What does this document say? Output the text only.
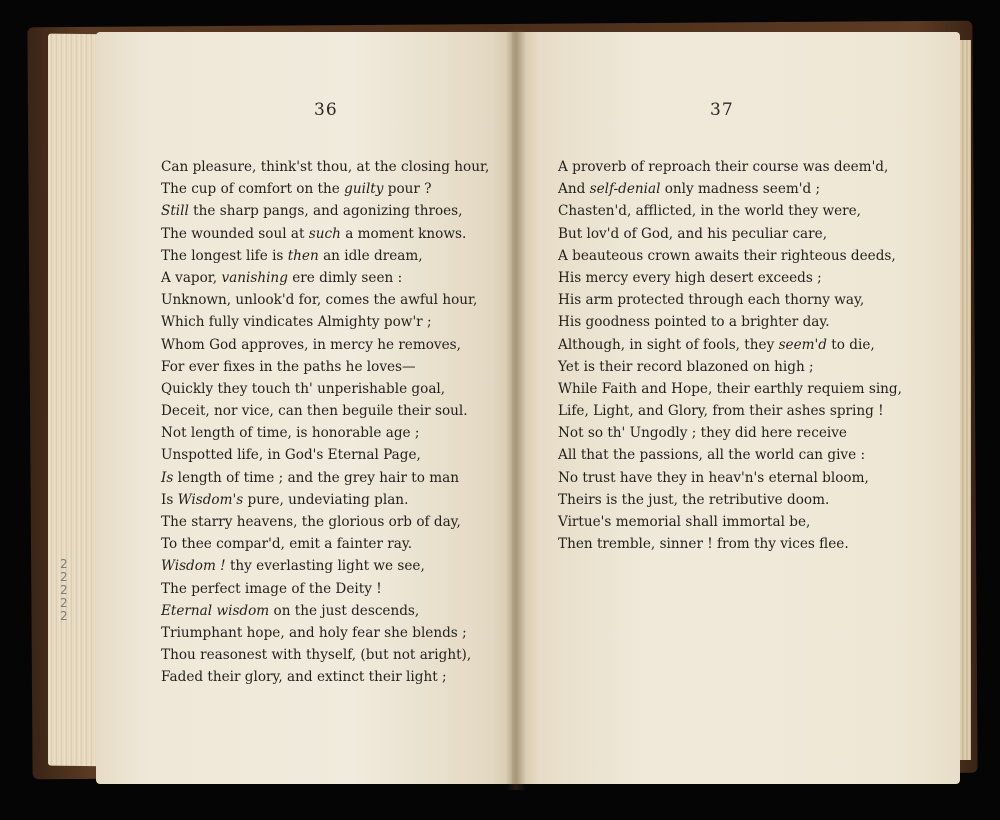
36
Can pleasure, think'st thou, at the closing hour,
The cup of comfort on the guilty pour ?
Still the sharp pangs, and agonizing throes,
The wounded soul at such a moment knows.
The longest life is then an idle dream,
A vapor, vanishing ere dimly seen :
Unknown, unlook'd for, comes the awful hour,
Which fully vindicates Almighty pow'r ;
Whom God approves, in mercy he removes,
For ever fixes in the paths he loves—
Quickly they touch th' unperishable goal,
Deceit, nor vice, can then beguile their soul.
Not length of time, is honorable age ;
Unspotted life, in God's Eternal Page,
Is length of time ; and the grey hair to man
Is Wisdom's pure, undeviating plan.
The starry heavens, the glorious orb of day,
To thee compar'd, emit a fainter ray.
Wisdom ! thy everlasting light we see,
The perfect image of the Deity !
Eternal wisdom on the just descends,
Triumphant hope, and holy fear she blends ;
Thou reasonest with thyself, (but not aright),
Faded their glory, and extinct their light ;
37
A proverb of reproach their course was deem'd,
And self-denial only madness seem'd ;
Chasten'd, afflicted, in the world they were,
But lov'd of God, and his peculiar care,
A beauteous crown awaits their righteous deeds,
His mercy every high desert exceeds ;
His arm protected through each thorny way,
His goodness pointed to a brighter day.
Although, in sight of fools, they seem'd to die,
Yet is their record blazoned on high ;
While Faith and Hope, their earthly requiem sing,
Life, Light, and Glory, from their ashes spring !
Not so th' Ungodly ; they did here receive
All that the passions, all the world can give :
No trust have they in heav'n's eternal bloom,
Theirs is the just, the retributive doom.
Virtue's memorial shall immortal be,
Then tremble, sinner ! from thy vices flee.
2
2
2
2
2
